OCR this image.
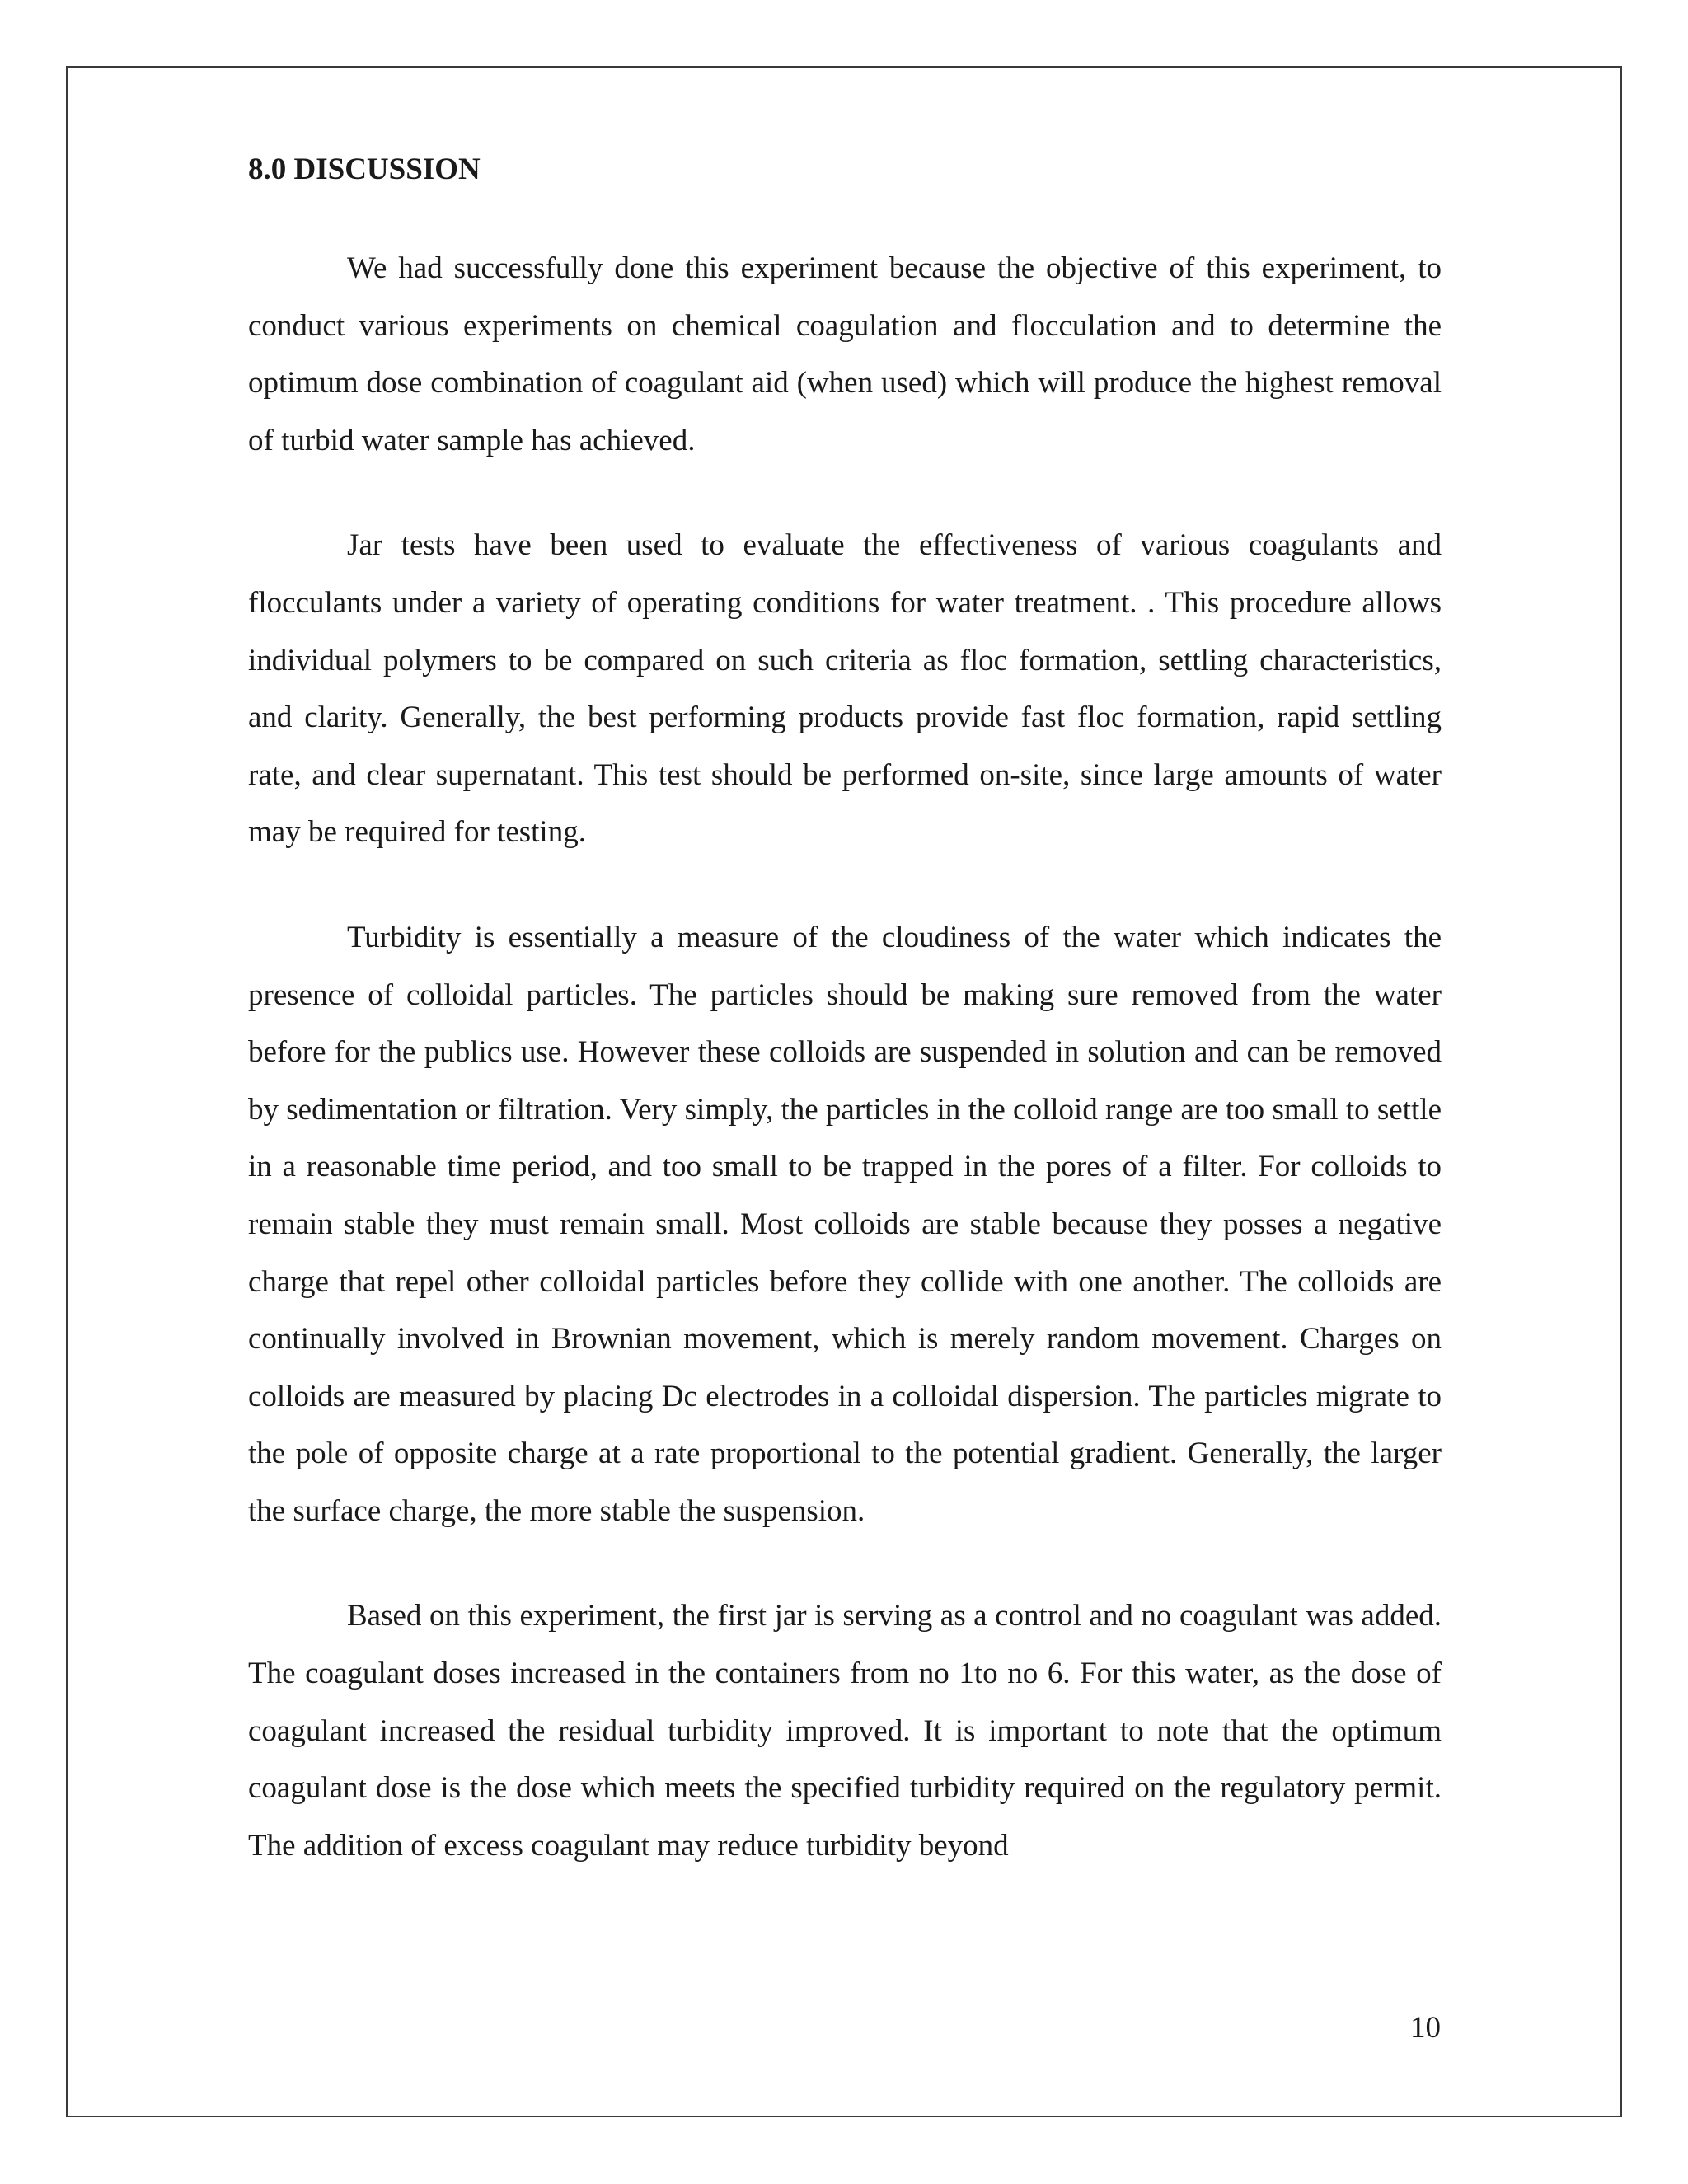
8.0 DISCUSSION

We had successfully done this experiment because the objective of this experiment, to conduct various experiments on chemical coagulation and flocculation and to determine the optimum dose combination of coagulant aid (when used) which will produce the highest removal of turbid water sample has achieved.

Jar tests have been used to evaluate the effectiveness of various coagulants and flocculants under a variety of operating conditions for water treatment. . This procedure allows individual polymers to be compared on such criteria as floc formation, settling characteristics, and clarity. Generally, the best performing products provide fast floc formation, rapid settling rate, and clear supernatant. This test should be performed on-site, since large amounts of water may be required for testing.

Turbidity is essentially a measure of the cloudiness of the water which indicates the presence of colloidal particles. The particles should be making sure removed from the water before for the publics use. However these colloids are suspended in solution and can be removed by sedimentation or filtration. Very simply, the particles in the colloid range are too small to settle in a reasonable time period, and too small to be trapped in the pores of a filter. For colloids to remain stable they must remain small. Most colloids are stable because they posses a negative charge that repel other colloidal particles before they collide with one another. The colloids are continually involved in Brownian movement, which is merely random movement. Charges on colloids are measured by placing Dc electrodes in a colloidal dispersion. The particles migrate to the pole of opposite charge at a rate proportional to the potential gradient. Generally, the larger the surface charge, the more stable the suspension.

Based on this experiment, the first jar is serving as a control and no coagulant was added. The coagulant doses increased in the containers from no 1to no 6. For this water, as the dose of coagulant increased the residual turbidity improved. It is important to note that the optimum coagulant dose is the dose which meets the specified turbidity required on the regulatory permit. The addition of excess coagulant may reduce turbidity beyond

10
